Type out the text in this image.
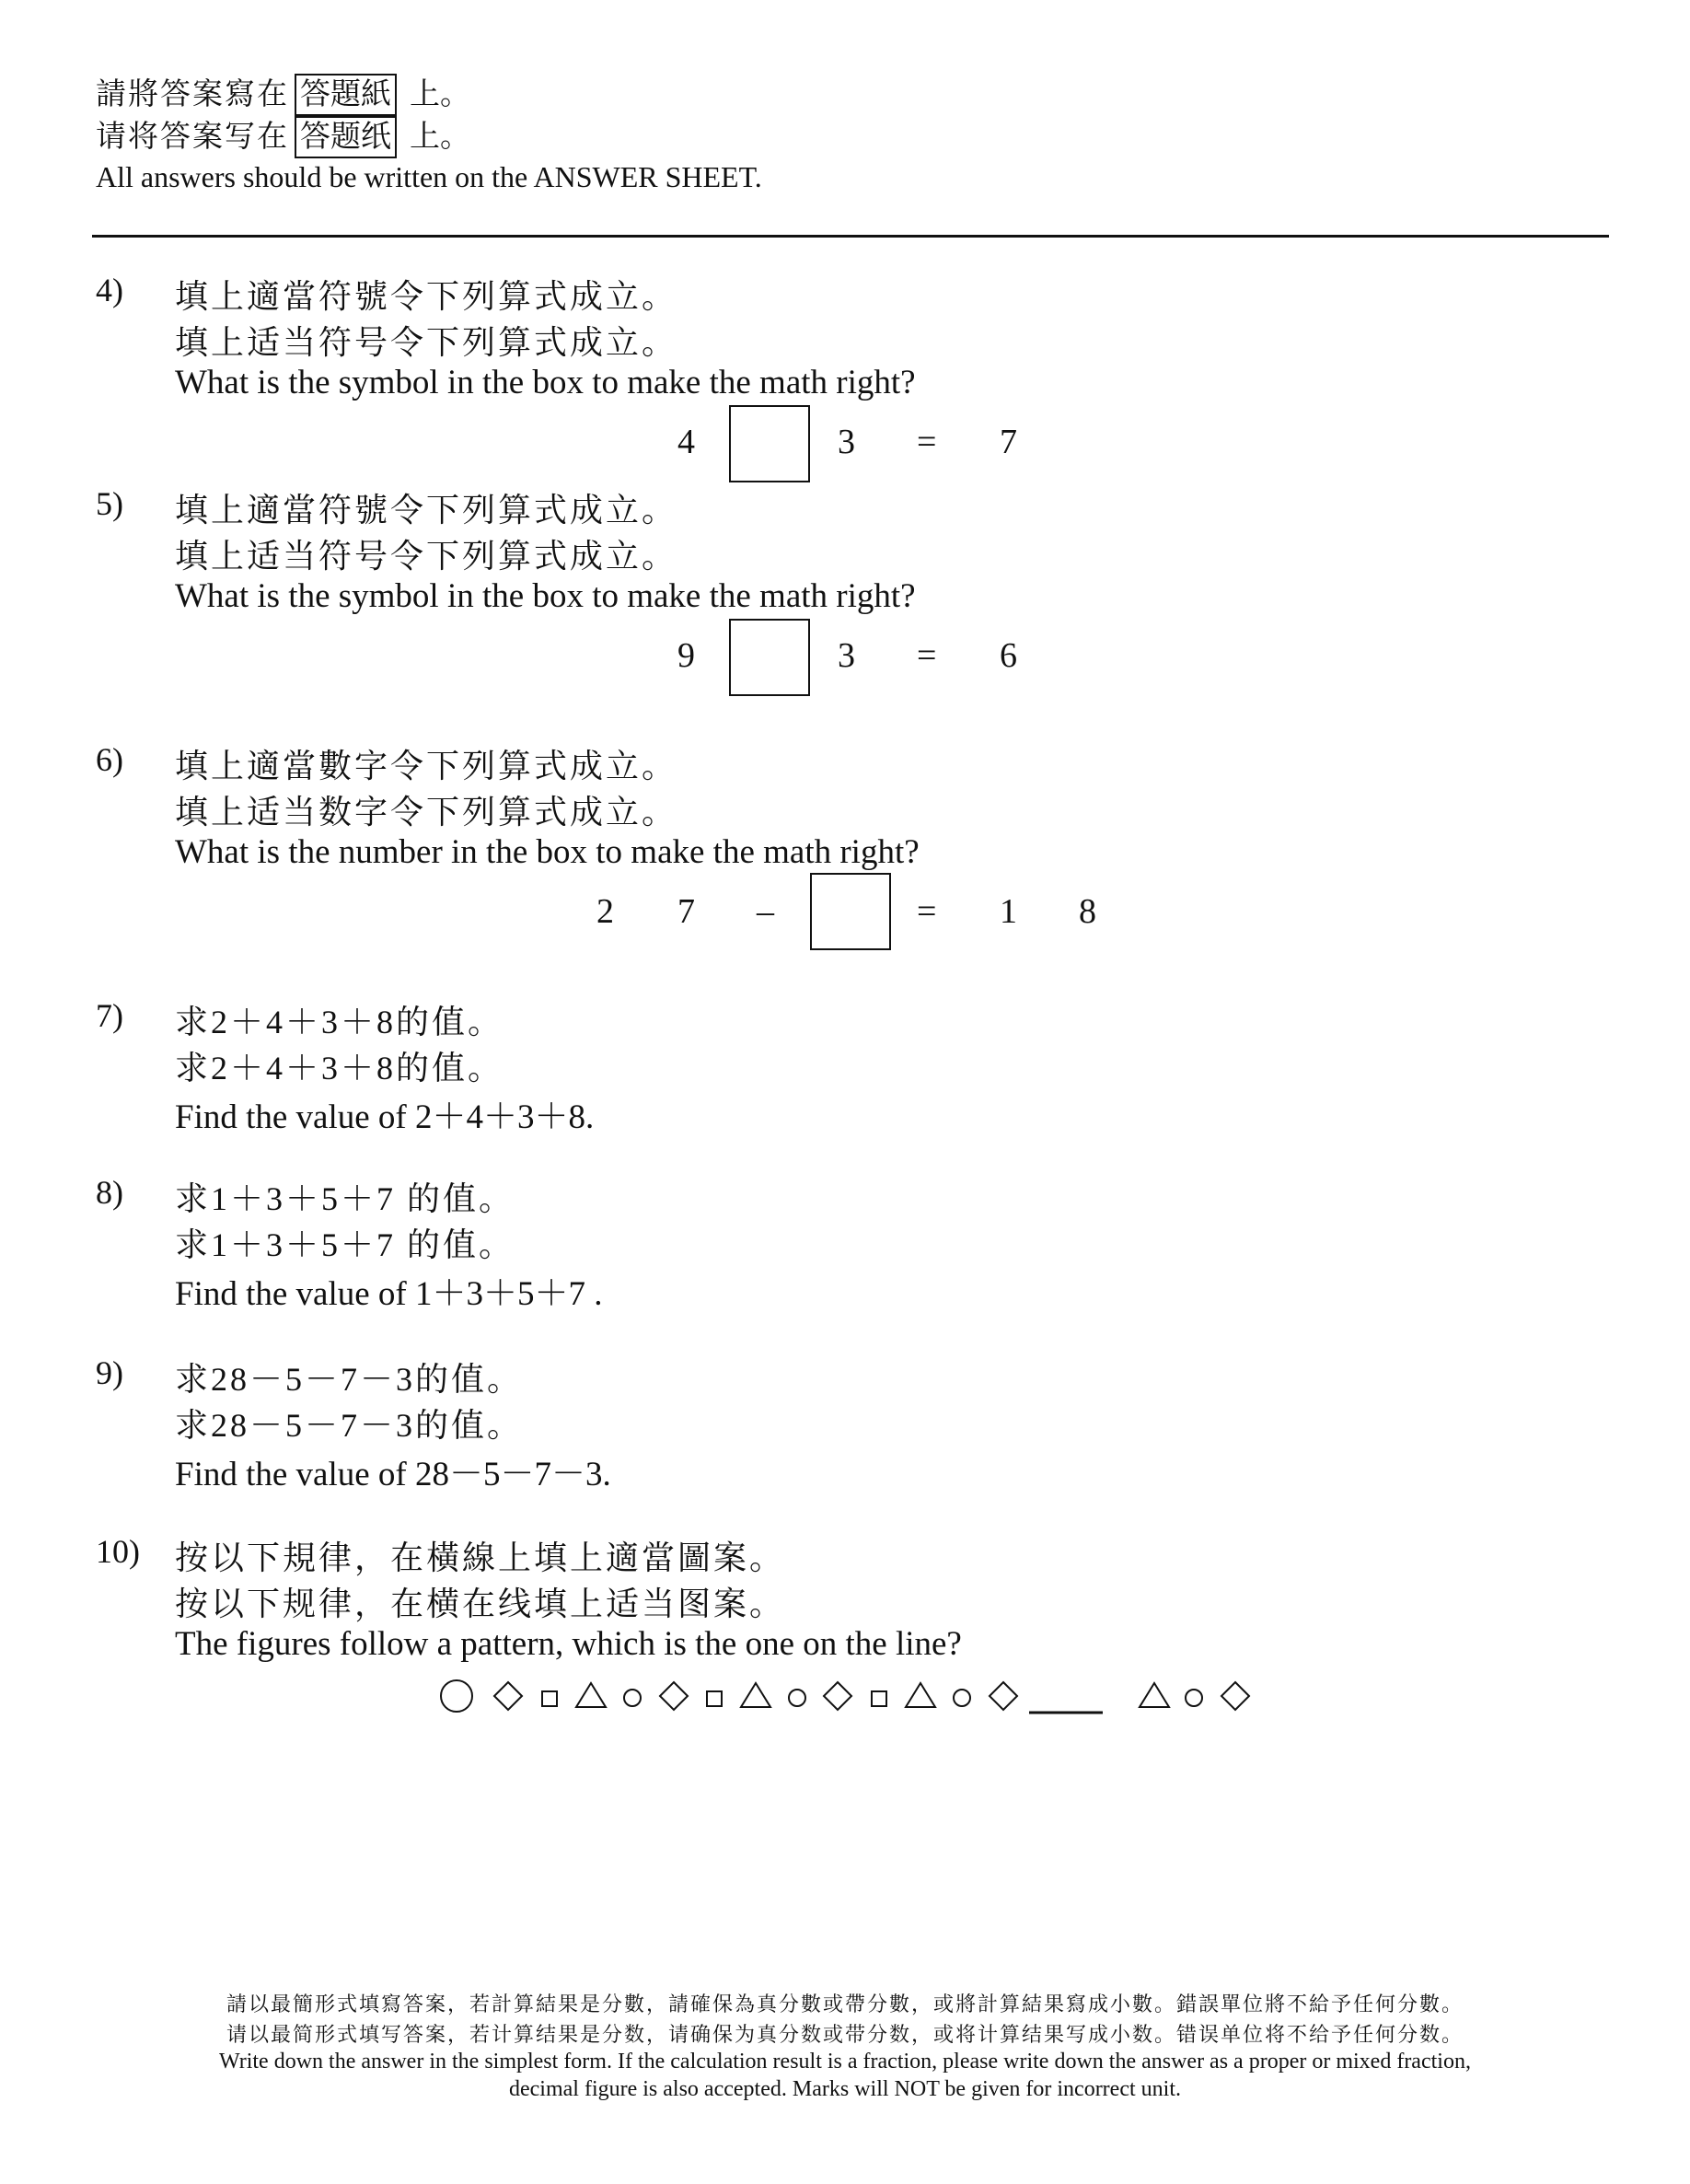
請將答案寫在 答題紙 上。
请将答案写在 答题纸 上。
All answers should be written on the ANSWER SHEET.
4) 填上適當符號令下列算式成立。
填上适当符号令下列算式成立。
What is the symbol in the box to make the math right?
4	3 = 7
5) 填上適當符號令下列算式成立。
填上适当符号令下列算式成立。
What is the symbol in the box to make the math right?
9	3 = 6
6) 填上適當數字令下列算式成立。
填上适当数字令下列算式成立。
What is the number in the box to make the math right?
2 7 –	= 1 8
7) 求2＋4＋3＋8的值。
求2＋4＋3＋8的值。
Find the value of 2＋4＋3＋8.
8) 求1＋3＋5＋7 的值。
求1＋3＋5＋7 的值。
Find the value of 1＋3＋5＋7 .
9) 求28－5－7－3的值。
求28－5－7－3的值。
Find the value of 28－5－7－3.
10) 按以下規律，在橫線上填上適當圖案。
按以下规律，在横在线填上适当图案。
The figures follow a pattern, which is the one on the line?
請以最簡形式填寫答案，若計算結果是分數，請確保為真分數或帶分數，或將計算結果寫成小數。錯誤單位將不給予任何分數。
请以最简形式填写答案，若计算结果是分数，请确保为真分数或带分数，或将计算结果写成小数。错误单位将不给予任何分数。
Write down the answer in the simplest form. If the calculation result is a fraction, please write down the answer as a proper or mixed fraction,
decimal figure is also accepted. Marks will NOT be given for incorrect unit.
